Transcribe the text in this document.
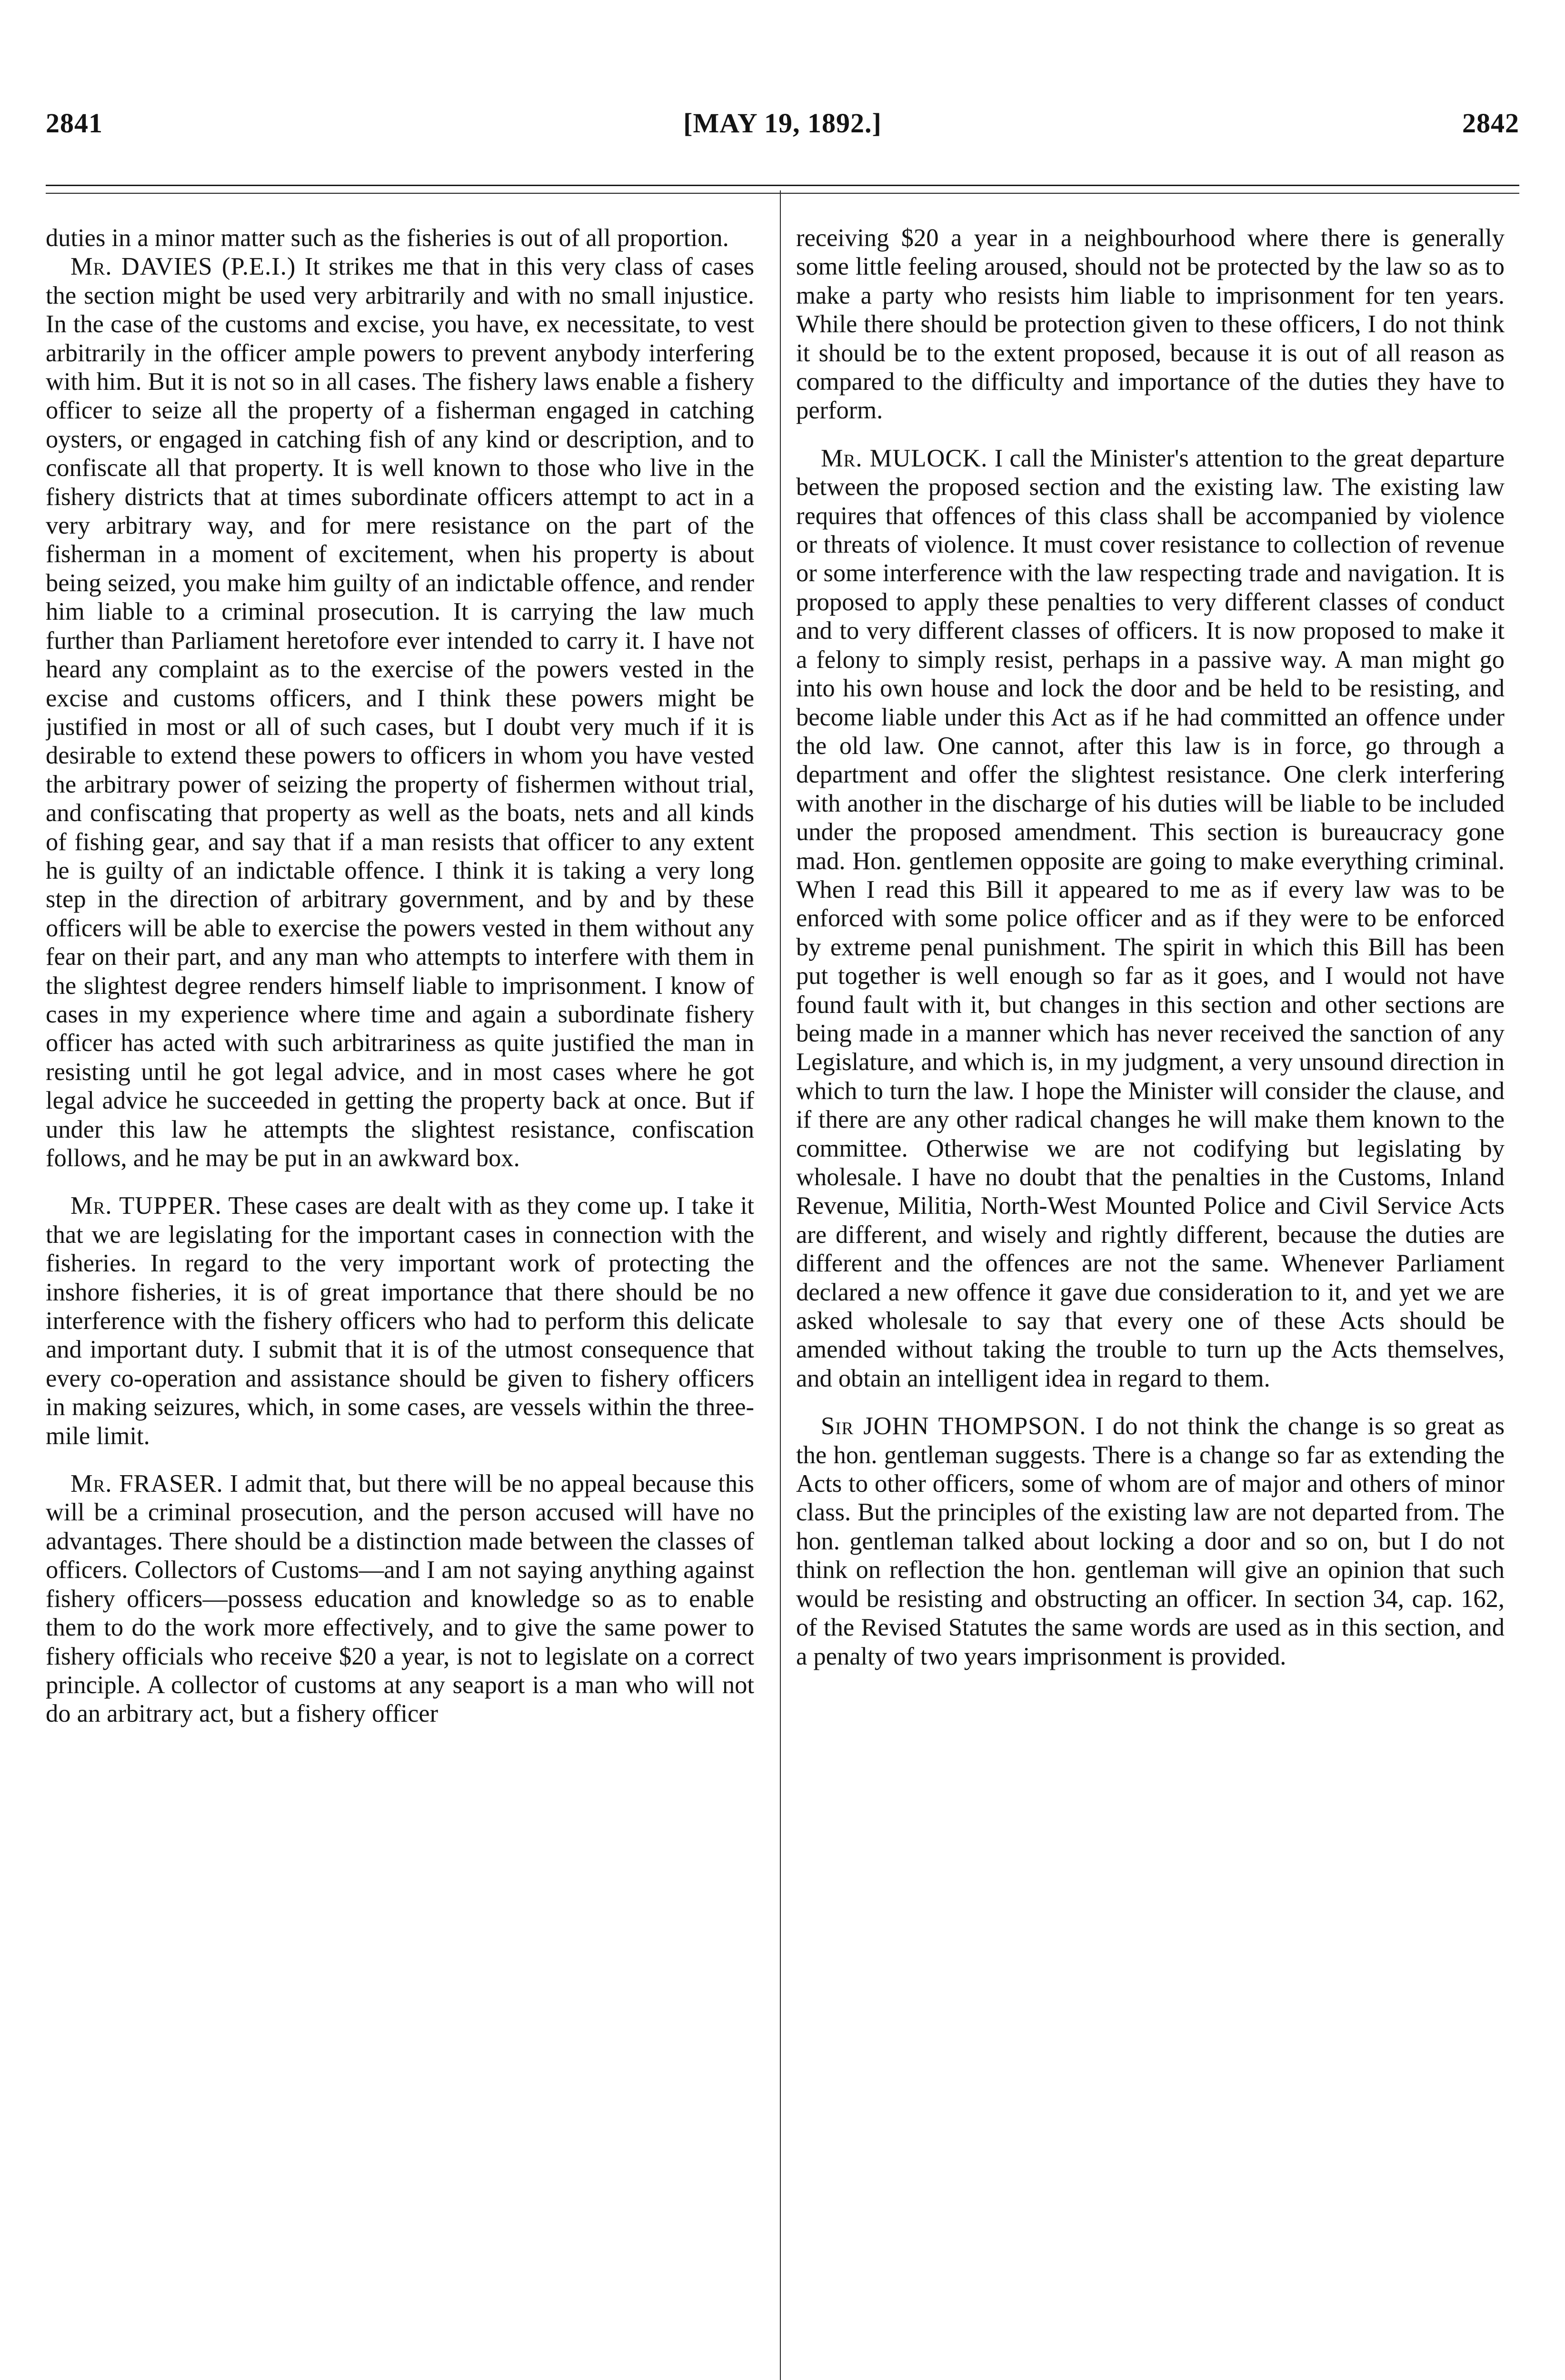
2841	[MAY 19, 1892.]	2842

duties in a minor matter such as the fisheries is out of all proportion.

Mr. DAVIES (P.E.I.) It strikes me that in this very class of cases the section might be used very arbitrarily and with no small injustice. In the case of the customs and excise, you have, ex necessitate, to vest arbitrarily in the officer ample powers to prevent anybody interfering with him. But it is not so in all cases. The fishery laws enable a fishery officer to seize all the property of a fisherman engaged in catching oysters, or engaged in catching fish of any kind or description, and to confiscate all that property. It is well known to those who live in the fishery districts that at times subordinate officers attempt to act in a very arbitrary way, and for mere resistance on the part of the fisherman in a moment of excitement, when his property is about being seized, you make him guilty of an indictable offence, and render him liable to a criminal prosecution. It is carrying the law much further than Parliament heretofore ever intended to carry it. I have not heard any complaint as to the exercise of the powers vested in the excise and customs officers, and I think these powers might be justified in most or all of such cases, but I doubt very much if it is desirable to extend these powers to officers in whom you have vested the arbitrary power of seizing the property of fishermen without trial, and confiscating that property as well as the boats, nets and all kinds of fishing gear, and say that if a man resists that officer to any extent he is guilty of an indictable offence. I think it is taking a very long step in the direction of arbitrary government, and by and by these officers will be able to exercise the powers vested in them without any fear on their part, and any man who attempts to interfere with them in the slightest degree renders himself liable to imprisonment. I know of cases in my experience where time and again a subordinate fishery officer has acted with such arbitrariness as quite justified the man in resisting until he got legal advice, and in most cases where he got legal advice he succeeded in getting the property back at once. But if under this law he attempts the slightest resistance, confiscation follows, and he may be put in an awkward box.

Mr. TUPPER. These cases are dealt with as they come up. I take it that we are legislating for the important cases in connection with the fisheries. In regard to the very important work of protecting the inshore fisheries, it is of great importance that there should be no interference with the fishery officers who had to perform this delicate and important duty. I submit that it is of the utmost consequence that every co-operation and assistance should be given to fishery officers in making seizures, which, in some cases, are vessels within the three-mile limit.

Mr. FRASER. I admit that, but there will be no appeal because this will be a criminal prosecution, and the person accused will have no advantages. There should be a distinction made between the classes of officers. Collectors of Customs—and I am not saying anything against fishery officers—possess education and knowledge so as to enable them to do the work more effectively, and to give the same power to fishery officials who receive $20 a year, is not to legislate on a correct principle. A collector of customs at any seaport is a man who will not do an arbitrary act, but a fishery officer

receiving $20 a year in a neighbourhood where there is generally some little feeling aroused, should not be protected by the law so as to make a party who resists him liable to imprisonment for ten years. While there should be protection given to these officers, I do not think it should be to the extent proposed, because it is out of all reason as compared to the difficulty and importance of the duties they have to perform.

Mr. MULOCK. I call the Minister's attention to the great departure between the proposed section and the existing law. The existing law requires that offences of this class shall be accompanied by violence or threats of violence. It must cover resistance to collection of revenue or some interference with the law respecting trade and navigation. It is proposed to apply these penalties to very different classes of conduct and to very different classes of officers. It is now proposed to make it a felony to simply resist, perhaps in a passive way. A man might go into his own house and lock the door and be held to be resisting, and become liable under this Act as if he had committed an offence under the old law. One cannot, after this law is in force, go through a department and offer the slightest resistance. One clerk interfering with another in the discharge of his duties will be liable to be included under the proposed amendment. This section is bureaucracy gone mad. Hon. gentlemen opposite are going to make everything criminal. When I read this Bill it appeared to me as if every law was to be enforced with some police officer and as if they were to be enforced by extreme penal punishment. The spirit in which this Bill has been put together is well enough so far as it goes, and I would not have found fault with it, but changes in this section and other sections are being made in a manner which has never received the sanction of any Legislature, and which is, in my judgment, a very unsound direction in which to turn the law. I hope the Minister will consider the clause, and if there are any other radical changes he will make them known to the committee. Otherwise we are not codifying but legislating by wholesale. I have no doubt that the penalties in the Customs, Inland Revenue, Militia, North-West Mounted Police and Civil Service Acts are different, and wisely and rightly different, because the duties are different and the offences are not the same. Whenever Parliament declared a new offence it gave due consideration to it, and yet we are asked wholesale to say that every one of these Acts should be amended without taking the trouble to turn up the Acts themselves, and obtain an intelligent idea in regard to them.

Sir JOHN THOMPSON. I do not think the change is so great as the hon. gentleman suggests. There is a change so far as extending the Acts to other officers, some of whom are of major and others of minor class. But the principles of the existing law are not departed from. The hon. gentleman talked about locking a door and so on, but I do not think on reflection the hon. gentleman will give an opinion that such would be resisting and obstructing an officer. In section 34, cap. 162, of the Revised Statutes the same words are used as in this section, and a penalty of two years imprisonment is provided.
